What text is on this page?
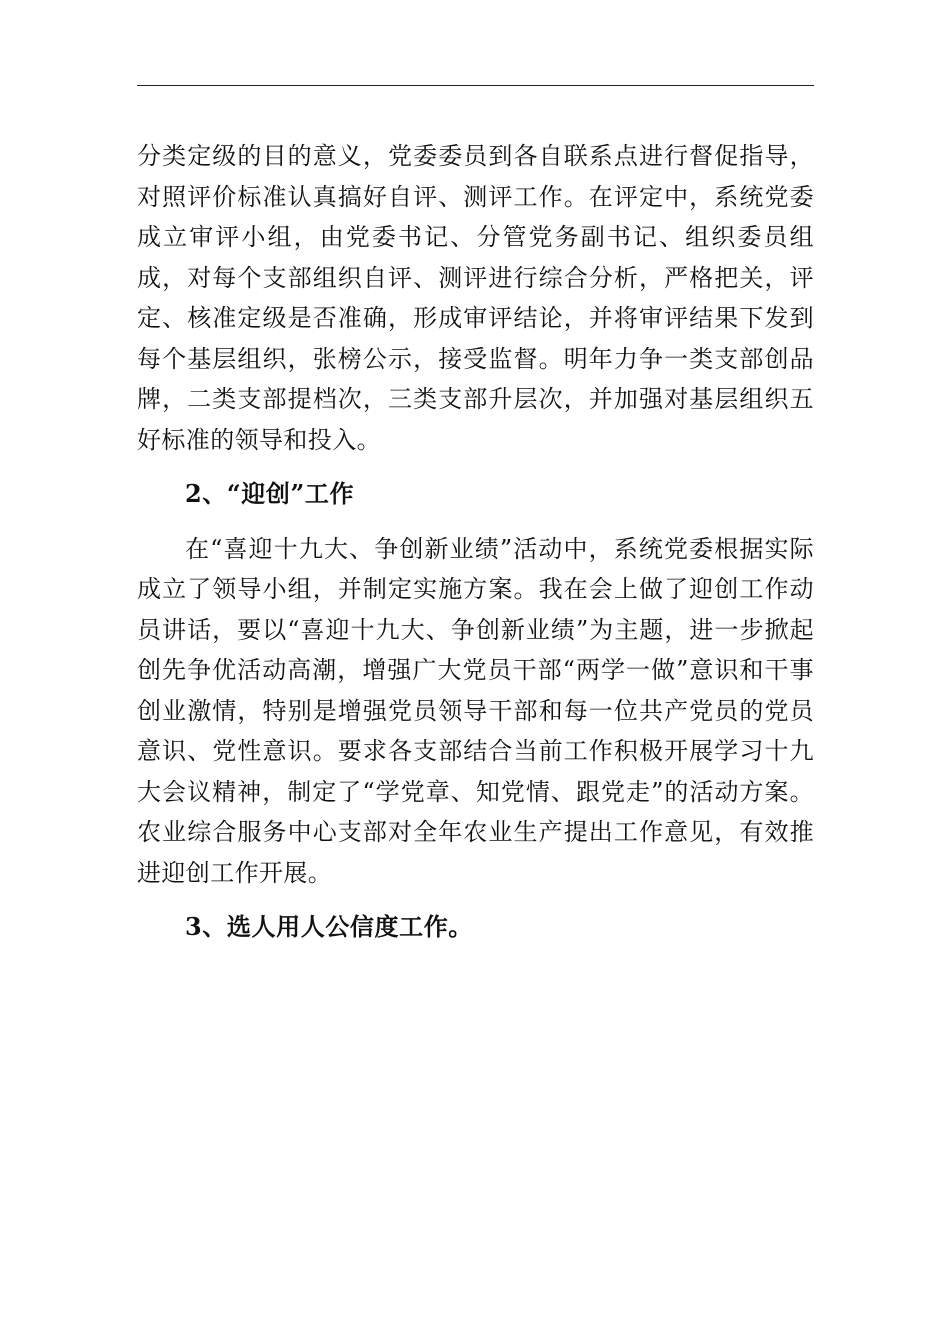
分类定级的目的意义，党委委员到各自联系点进行督促指导，对照评价标准认真搞好自评、测评工作。在评定中，系统党委成立审评小组，由党委书记、分管党务副书记、组织委员组成，对每个支部组织自评、测评进行综合分析，严格把关，评定、核准定级是否准确，形成审评结论，并将审评结果下发到每个基层组织，张榜公示，接受监督。明年力争一类支部创品牌，二类支部提档次，三类支部升层次，并加强对基层组织五好标准的领导和投入。

2、“迎创”工作

在“喜迎十九大、争创新业绩”活动中，系统党委根据实际成立了领导小组，并制定实施方案。我在会上做了迎创工作动员讲话，要以“喜迎十九大、争创新业绩”为主题，进一步掀起创先争优活动高潮，增强广大党员干部“两学一做”意识和干事创业激情，特别是增强党员领导干部和每一位共产党员的党员意识、党性意识。要求各支部结合当前工作积极开展学习十九大会议精神，制定了“学党章、知党情、跟党走”的活动方案。农业综合服务中心支部对全年农业生产提出工作意见，有效推进迎创工作开展。

3、选人用人公信度工作。
